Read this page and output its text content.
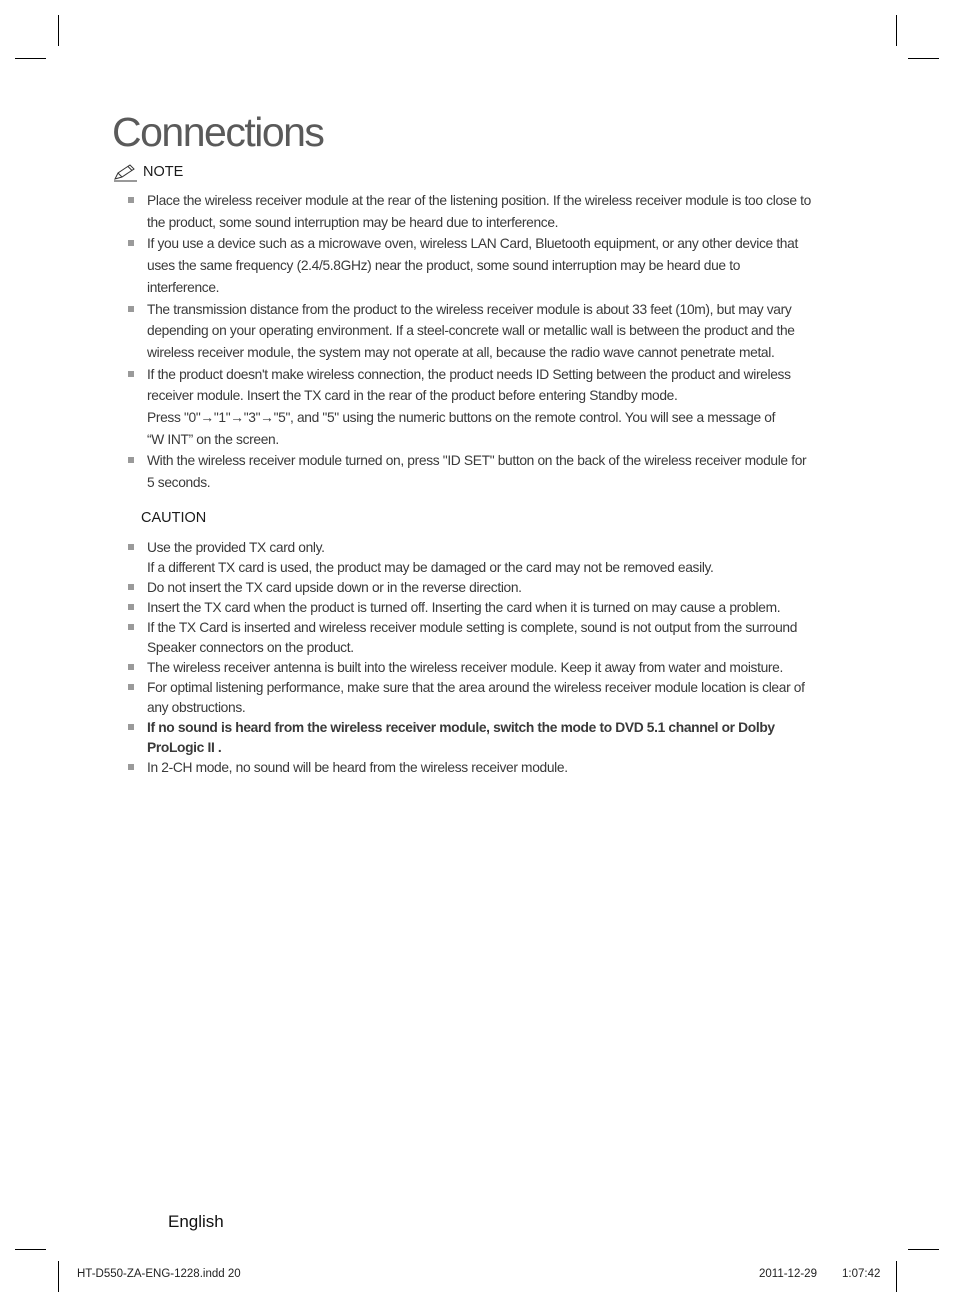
Connections
NOTE
Place the wireless receiver module at the rear of the listening position. If the wireless receiver module is too close to
the product, some sound interruption may be heard due to interference.
If you use a device such as a microwave oven, wireless LAN Card, Bluetooth equipment, or any other device that
uses the same frequency (2.4/5.8GHz) near the product, some sound interruption may be heard due to
interference.
The transmission distance from the product to the wireless receiver module is about 33 feet (10m), but may vary
depending on your operating environment. If a steel-concrete wall or metallic wall is between the product and the
wireless receiver module, the system may not operate at all, because the radio wave cannot penetrate metal.
If the product doesn't make wireless connection, the product needs ID Setting between the product and wireless
receiver module. Insert the TX card in the rear of the product before entering Standby mode.
Press "0"→"1"→"3"→"5", and "5" using the numeric buttons on the remote control. You will see a message of
“W INT” on the screen.
With the wireless receiver module turned on, press "ID SET" button on the back of the wireless receiver module for
5 seconds.
CAUTION
Use the provided TX card only.
If a different TX card is used, the product may be damaged or the card may not be removed easily.
Do not insert the TX card upside down or in the reverse direction.
Insert the TX card when the product is turned off. Inserting the card when it is turned on may cause a problem.
If the TX Card is inserted and wireless receiver module setting is complete, sound is not output from the surround
Speaker connectors on the product.
The wireless receiver antenna is built into the wireless receiver module. Keep it away from water and moisture.
For optimal listening performance, make sure that the area around the wireless receiver module location is clear of
any obstructions.
If no sound is heard from the wireless receiver module, switch the mode to DVD 5.1 channel or Dolby
ProLogic II .
In 2-CH mode, no sound will be heard from the wireless receiver module.
English
HT-D550-ZA-ENG-1228.indd 20	2011-12-29 1:07:42
